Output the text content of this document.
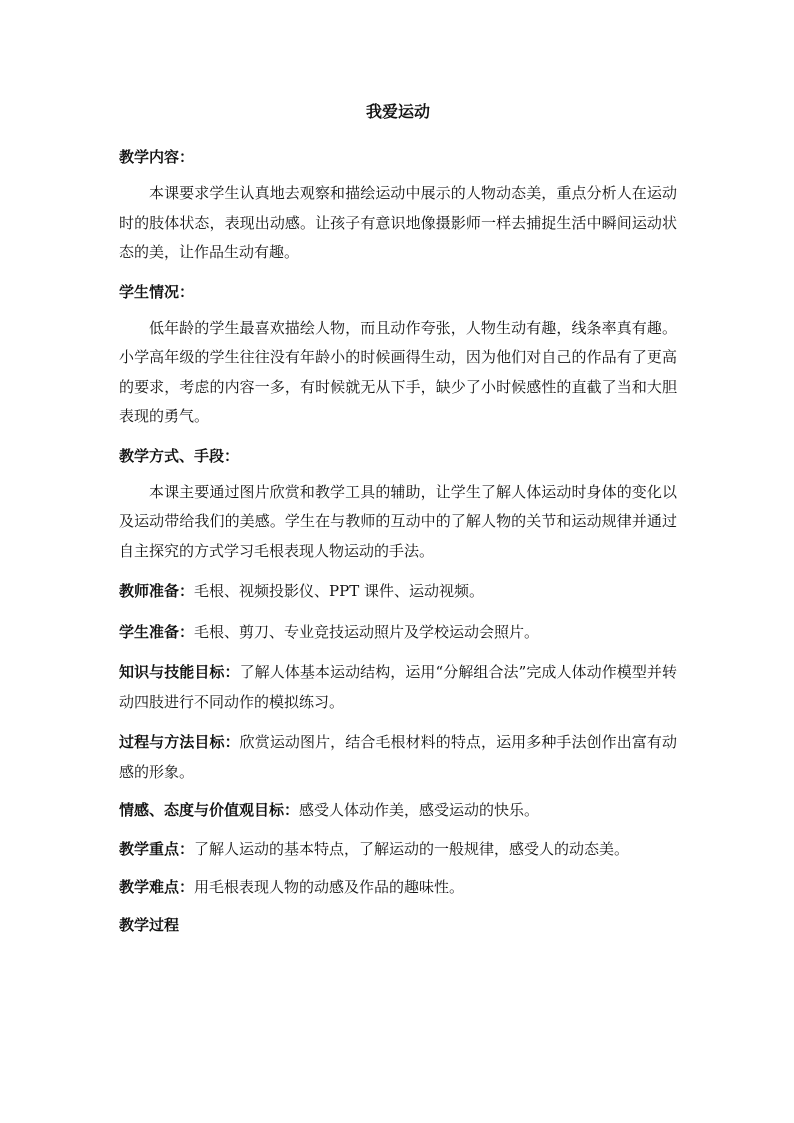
我爱运动

教学内容：

本课要求学生认真地去观察和描绘运动中展示的人物动态美，重点分析人在运动时的肢体状态，表现出动感。让孩子有意识地像摄影师一样去捕捉生活中瞬间运动状态的美，让作品生动有趣。

学生情况：

低年龄的学生最喜欢描绘人物，而且动作夸张，人物生动有趣，线条率真有趣。小学高年级的学生往往没有年龄小的时候画得生动，因为他们对自己的作品有了更高的要求，考虑的内容一多，有时候就无从下手，缺少了小时候感性的直截了当和大胆表现的勇气。

教学方式、手段：

本课主要通过图片欣赏和教学工具的辅助，让学生了解人体运动时身体的变化以及运动带给我们的美感。学生在与教师的互动中的了解人物的关节和运动规律并通过自主探究的方式学习毛根表现人物运动的手法。

教师准备：毛根、视频投影仪、PPT 课件、运动视频。

学生准备：毛根、剪刀、专业竞技运动照片及学校运动会照片。

知识与技能目标：了解人体基本运动结构，运用“分解组合法”完成人体动作模型并转动四肢进行不同动作的模拟练习。

过程与方法目标：欣赏运动图片，结合毛根材料的特点，运用多种手法创作出富有动感的形象。

情感、态度与价值观目标：感受人体动作美，感受运动的快乐。

教学重点：了解人运动的基本特点，了解运动的一般规律，感受人的动态美。

教学难点：用毛根表现人物的动感及作品的趣味性。

教学过程
